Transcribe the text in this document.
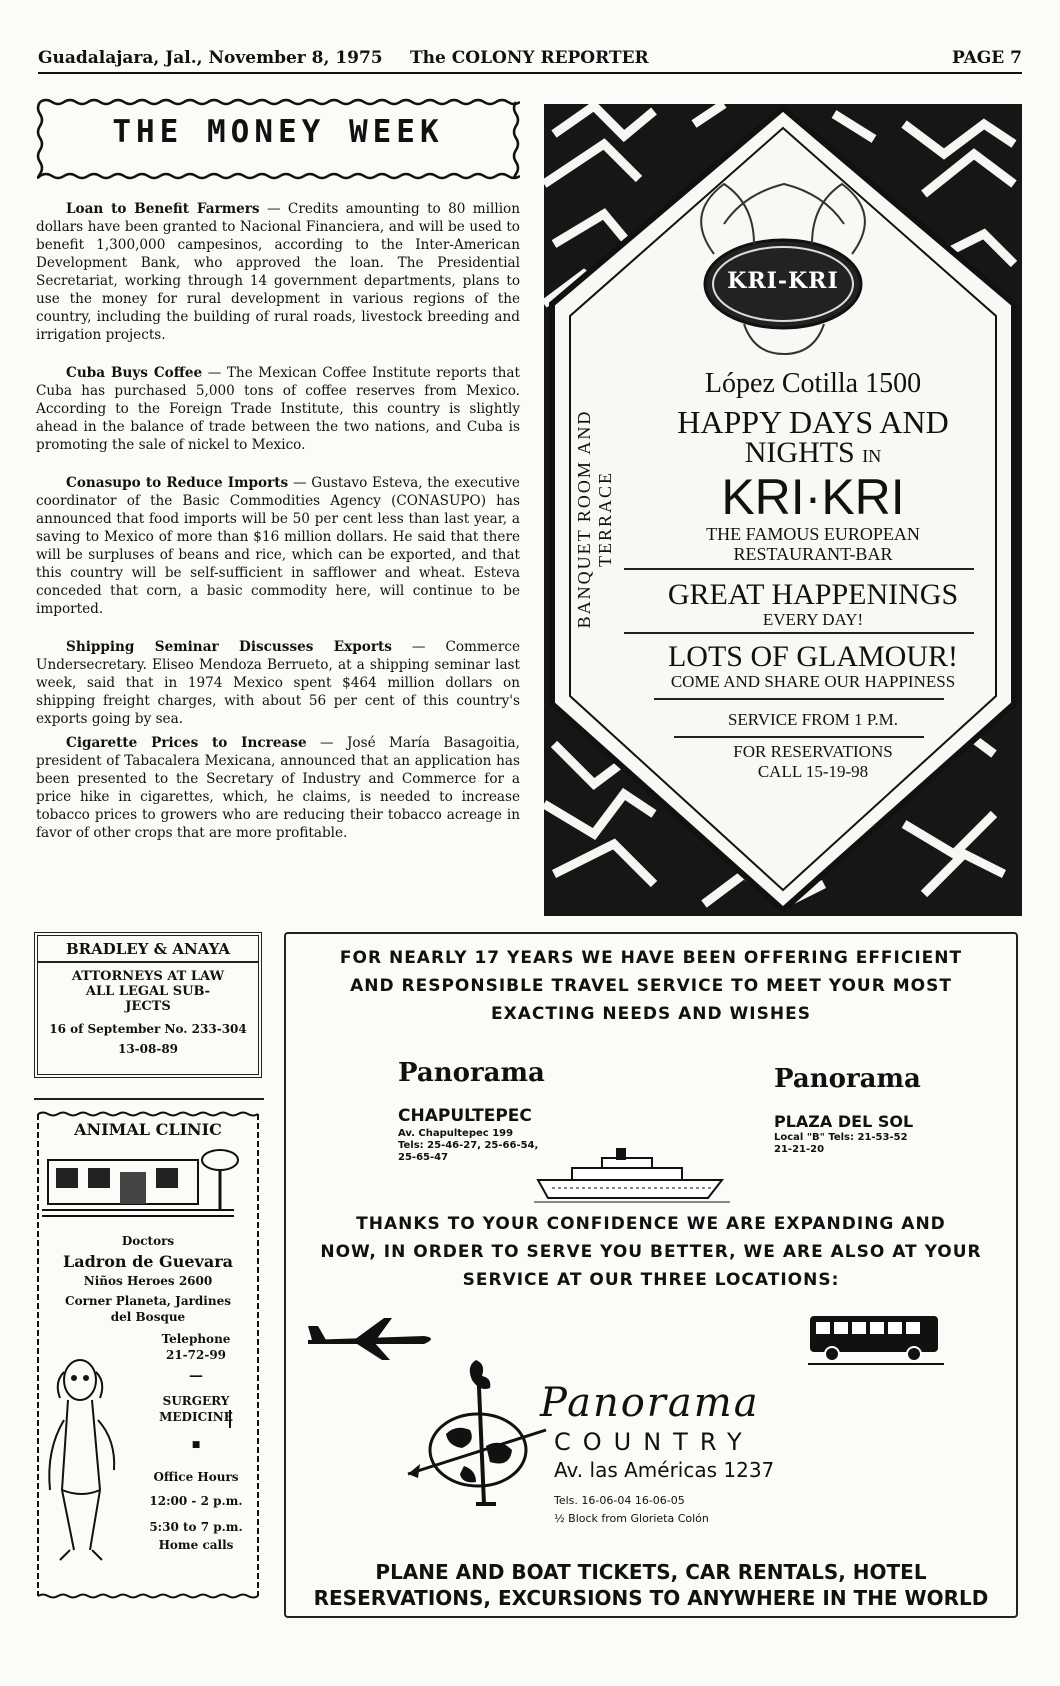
Guadalajara, Jal., November 8, 1975 The COLONY REPORTER	PAGE 7
THE MONEY WEEK

Loan to Benefit Farmers — Credits amounting to 80 million dollars have been granted to Nacional Financiera, and will be used to benefit 1,300,000 campesinos, according to the Inter-American Development Bank, who approved the loan. The Presidential Secretariat, working through 14 government departments, plans to use the money for rural development in various regions of the country, including the building of rural roads, livestock breeding and irrigation projects.

Cuba Buys Coffee — The Mexican Coffee Institute reports that Cuba has purchased 5,000 tons of coffee reserves from Mexico. According to the Foreign Trade Institute, this country is slightly ahead in the balance of trade between the two nations, and Cuba is promoting the sale of nickel to Mexico.

Conasupo to Reduce Imports — Gustavo Esteva, the executive coordinator of the Basic Commodities Agency (CONASUPO) has announced that food imports will be 50 per cent less than last year, a saving to Mexico of more than $16 million dollars. He said that there will be surpluses of beans and rice, which can be exported, and that this country will be self-sufficient in safflower and wheat. Esteva conceded that corn, a basic commodity here, will continue to be imported.

Shipping Seminar Discusses Exports — Commerce Undersecretary. Eliseo Mendoza Berrueto, at a shipping seminar last week, said that in 1974 Mexico spent $464 million dollars on shipping freight charges, with about 56 per cent of this country's exports going by sea.

Cigarette Prices to Increase — José María Basagoitia, president of Tabacalera Mexicana, announced that an application has been presented to the Secretary of Industry and Commerce for a price hike in cigarettes, which, he claims, is needed to increase tobacco prices to growers who are reducing their tobacco acreage in favor of other crops that are more profitable.

KRI-KRI
BANQUET ROOM AND TERRACE
López Cotilla 1500
HAPPY DAYS AND
NIGHTS IN
KRI·KRI
THE FAMOUS EUROPEAN
RESTAURANT-BAR
GREAT HAPPENINGS
EVERY DAY!
LOTS OF GLAMOUR!
COME AND SHARE OUR HAPPINESS
SERVICE FROM 1 P.M.
FOR RESERVATIONS
CALL 15-19-98
BRADLEY & ANAYA
ATTORNEYS AT LAW
ALL LEGAL SUB-
JECTS
16 of September No. 233-304
13-08-89
ANIMAL CLINIC
Doctors
Ladron de Guevara
Niños Heroes 2600
Corner Planeta, Jardines
del Bosque
Telephone
21-72-99
—
SURGERY
MEDICINE
■
Office Hours
12:00 - 2 p.m.
5:30 to 7 p.m.
Home calls
FOR NEARLY 17 YEARS WE HAVE BEEN OFFERING EFFICIENT
AND RESPONSIBLE TRAVEL SERVICE TO MEET YOUR MOST
EXACTING NEEDS AND WISHES
Panorama
CHAPULTEPEC
Av. Chapultepec 199
Tels: 25-46-27, 25-66-54,
25-65-47
Panorama
PLAZA DEL SOL
Local "B" Tels: 21-53-52
21-21-20
THANKS TO YOUR CONFIDENCE WE ARE EXPANDING AND
NOW, IN ORDER TO SERVE YOU BETTER, WE ARE ALSO AT YOUR
SERVICE AT OUR THREE LOCATIONS:
Panorama
COUNTRY
Av. las Américas 1237
Tels. 16-06-04 16-06-05
½ Block from Glorieta Colón
PLANE AND BOAT TICKETS, CAR RENTALS, HOTEL
RESERVATIONS, EXCURSIONS TO ANYWHERE IN THE WORLD
